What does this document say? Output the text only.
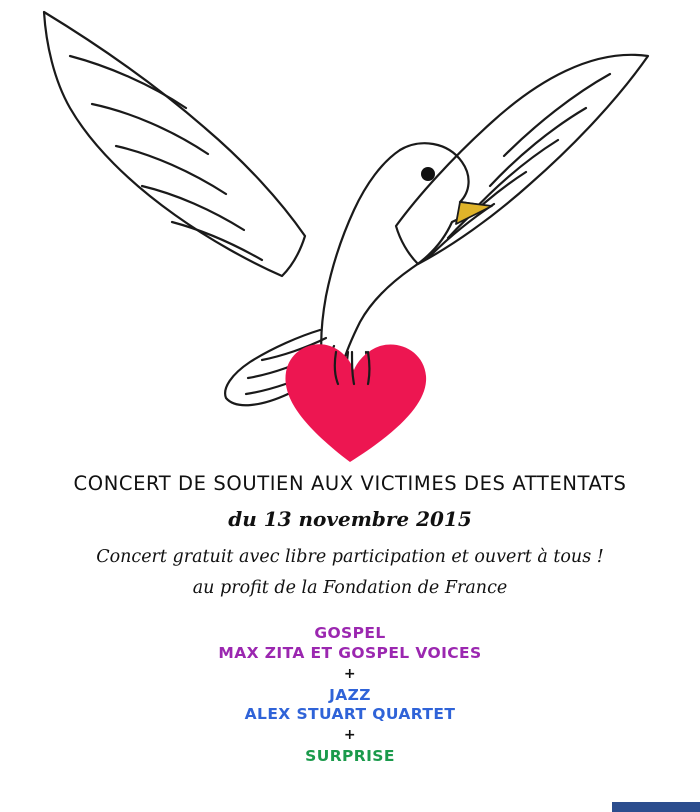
CONCERT DE SOUTIEN AUX VICTIMES DES ATTENTATS

du 13 novembre 2015

Concert gratuit avec libre participation et ouvert à tous !

au profit de la Fondation de France

GOSPEL

MAX ZITA ET GOSPEL VOICES

+

JAZZ

ALEX STUART QUARTET

+

SURPRISE
